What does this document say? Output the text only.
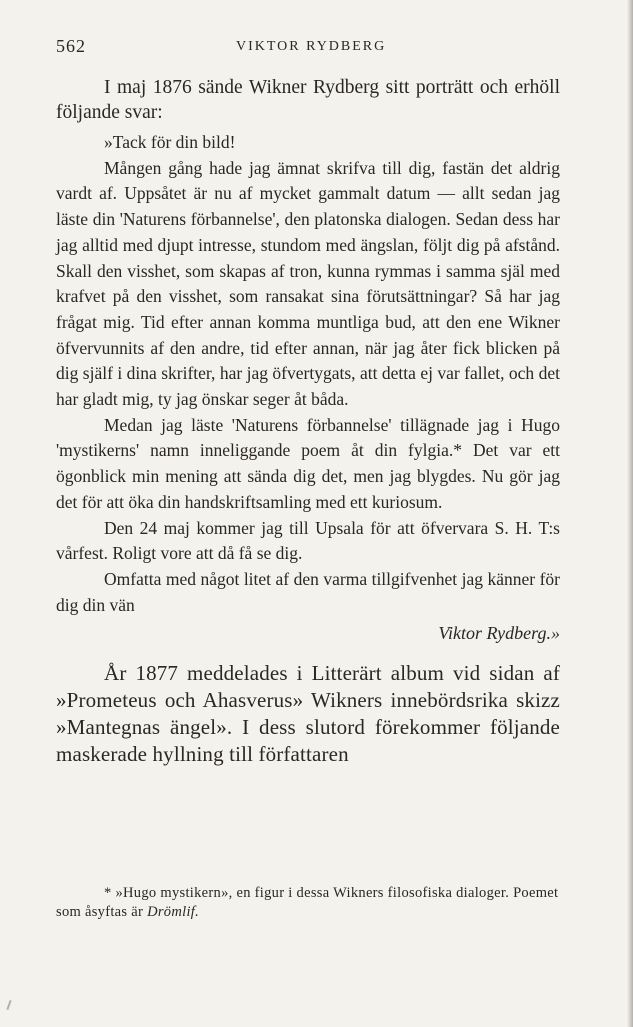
562	VIKTOR RYDBERG

I maj 1876 sände Wikner Rydberg sitt porträtt och erhöll följande svar:

»Tack för din bild!

Mången gång hade jag ämnat skrifva till dig, fastän det aldrig vardt af. Uppsåtet är nu af mycket gammalt datum — allt sedan jag läste din 'Naturens förbannelse', den platonska dialogen. Sedan dess har jag alltid med djupt intresse, stundom med ängslan, följt dig på afstånd. Skall den visshet, som skapas af tron, kunna rymmas i samma själ med krafvet på den visshet, som ransakat sina förutsättningar? Så har jag frågat mig. Tid efter annan komma muntliga bud, att den ene Wikner öfvervunnits af den andre, tid efter annan, när jag åter fick blicken på dig själf i dina skrifter, har jag öfvertygats, att detta ej var fallet, och det har gladt mig, ty jag önskar seger åt båda.

Medan jag läste 'Naturens förbannelse' tillägnade jag i Hugo 'mystikerns' namn inneliggande poem åt din fylgia.* Det var ett ögonblick min mening att sända dig det, men jag blygdes. Nu gör jag det för att öka din handskriftsamling med ett kuriosum.

Den 24 maj kommer jag till Upsala för att öfvervara S. H. T:s vårfest. Roligt vore att då få se dig.

Omfatta med något litet af den varma tillgifvenhet jag känner för dig din vän

Viktor Rydberg.»

År 1877 meddelades i Litterärt album vid sidan af »Prometeus och Ahasverus» Wikners innebördsrika skizz »Mantegnas ängel». I dess slutord förekommer följande maskerade hyllning till författaren

* »Hugo mystikern», en figur i dessa Wikners filosofiska dialoger. Poemet som åsyftas är Drömlif.
